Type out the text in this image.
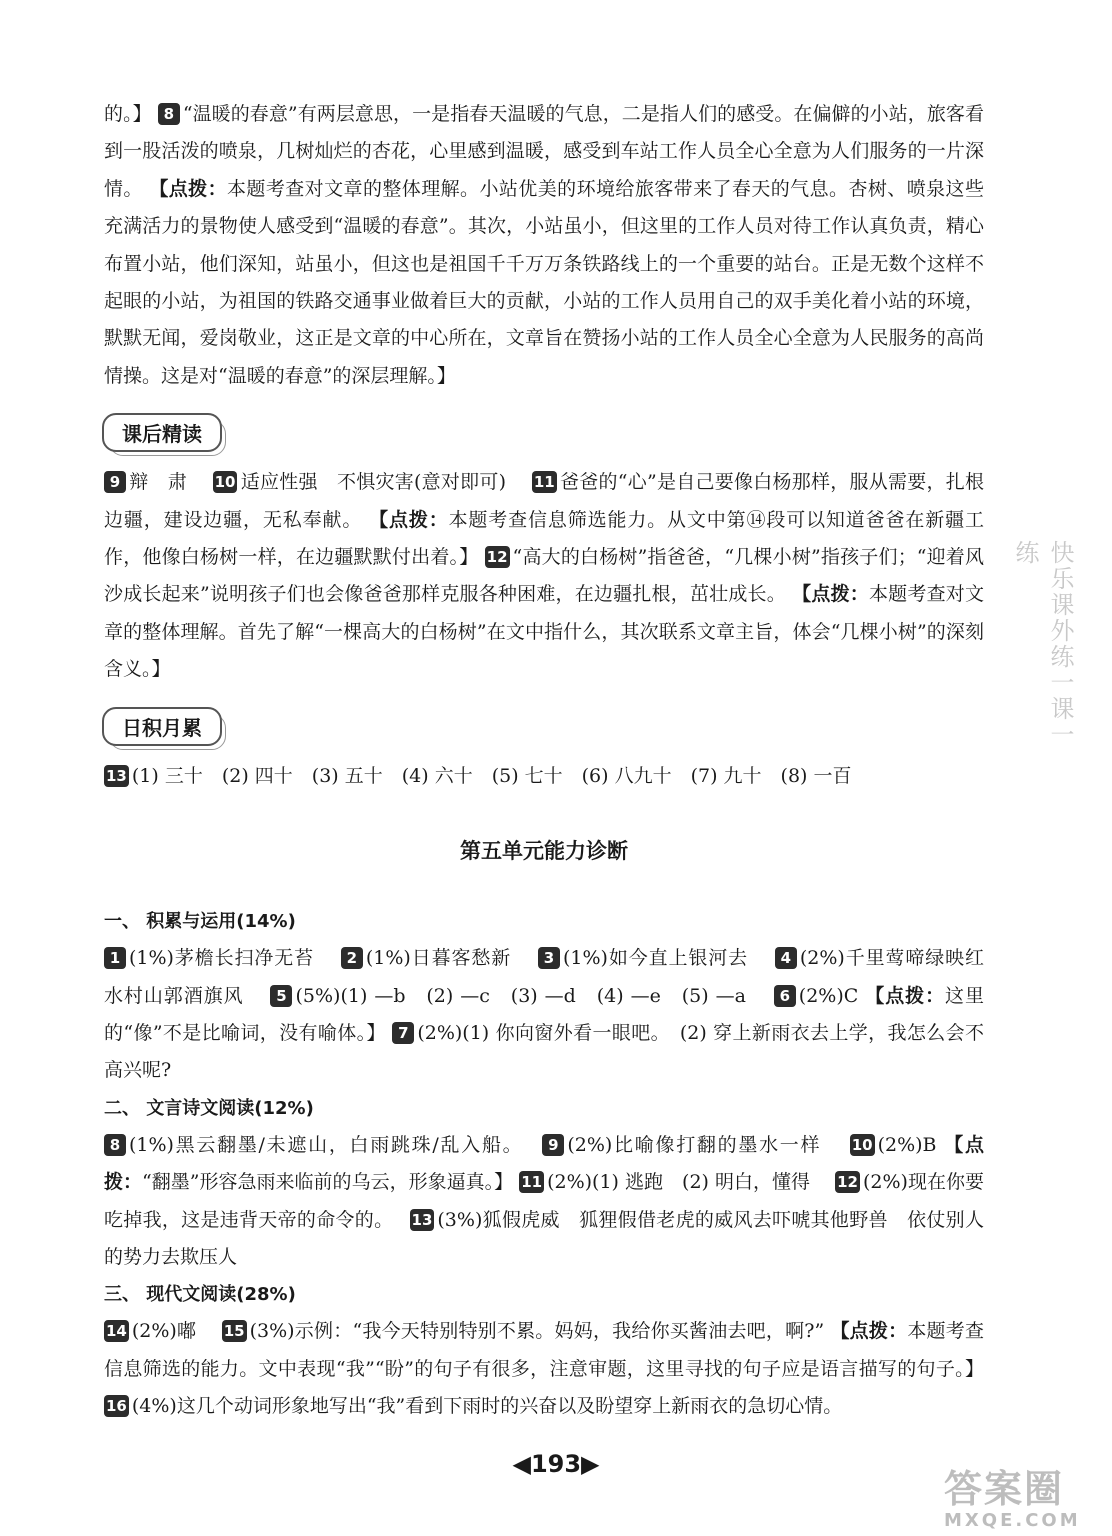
的。】 8 “温暖的春意”有两层意思，一是指春天温暖的气息，二是指人们的感受。在偏僻的小站，旅客看到一股活泼的喷泉，几树灿烂的杏花，心里感到温暖，感受到车站工作人员全心全意为人们服务的一片深情。 【点拨：本题考查对文章的整体理解。小站优美的环境给旅客带来了春天的气息。杏树、喷泉这些充满活力的景物使人感受到“温暖的春意”。其次，小站虽小，但这里的工作人员对待工作认真负责，精心布置小站，他们深知，站虽小，但这也是祖国千千万万条铁路线上的一个重要的站台。正是无数个这样不起眼的小站，为祖国的铁路交通事业做着巨大的贡献，小站的工作人员用自己的双手美化着小站的环境，默默无闻，爱岗敬业，这正是文章的中心所在，文章旨在赞扬小站的工作人员全心全意为人民服务的高尚情操。这是对“温暖的春意”的深层理解。】

课后精读

9 辩　肃　 10 适应性强　不惧灾害(意对即可)　 11 爸爸的“心”是自己要像白杨那样，服从需要，扎根边疆，建设边疆，无私奉献。 【点拨：本题考查信息筛选能力。从文中第⑭段可以知道爸爸在新疆工作，他像白杨树一样，在边疆默默付出着。】 12 “高大的白杨树”指爸爸，“几棵小树”指孩子们；“迎着风沙成长起来”说明孩子们也会像爸爸那样克服各种困难，在边疆扎根，茁壮成长。 【点拨：本题考查对文章的整体理解。首先了解“一棵高大的白杨树”在文中指什么，其次联系文章主旨，体会“几棵小树”的深刻含义。】

日积月累

13 (1) 三十　(2) 四十　(3) 五十　(4) 六十　(5) 七十　(6) 八九十　(7) 九十　(8) 一百

第五单元能力诊断

一、 积累与运用(14%)

1 (1%)茅檐长扫净无苔　 2 (1%)日暮客愁新　 3 (1%)如今直上银河去　 4 (2%)千里莺啼绿映红　水村山郭酒旗风　 5 (5%)(1) —b　(2) —c　(3) —d　(4) —e　(5) —a　 6 (2%)C 【点拨：这里的“像”不是比喻词，没有喻体。】 7 (2%)(1) 你向窗外看一眼吧。　(2) 穿上新雨衣去上学，我怎么会不高兴呢?

二、 文言诗文阅读(12%)

8 (1%)黑云翻墨/未遮山，白雨跳珠/乱入船。　 9 (2%)比喻像打翻的墨水一样　 10 (2%)B 【点拨：“翻墨”形容急雨来临前的乌云，形象逼真。】 11 (2%)(1) 逃跑　(2) 明白，懂得　 12 (2%)现在你要吃掉我，这是违背天帝的命令的。　 13 (3%)狐假虎威　狐狸假借老虎的威风去吓唬其他野兽　依仗别人的势力去欺压人

三、 现代文阅读(28%)

14 (2%)嘟　 15 (3%)示例：“我今天特别特别不累。妈妈，我给你买酱油去吧，啊?” 【点拨：本题考查信息筛选的能力。文中表现“我”“盼”的句子有很多，注意审题，这里寻找的句子应是语言描写的句子。】 16 (4%)这几个动词形象地写出“我”看到下雨时的兴奋以及盼望穿上新雨衣的急切心情。

快乐课外练一课一练
◀193▶
答案圈
MXQE.COM
